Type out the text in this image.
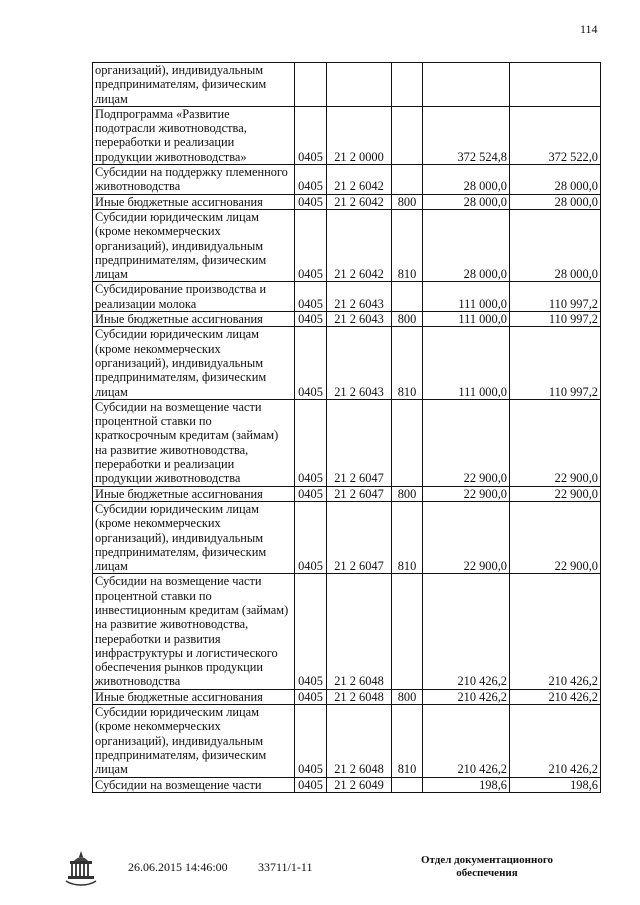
114
организаций), индивидуальным предпринимателям, физическим лицам					
Подпрограмма «Развитие подотрасли животноводства, переработки и реализации продукции животноводства»	0405	21 2 0000		372 524,8	372 522,0
Субсидии на поддержку племенного животноводства	0405	21 2 6042		28 000,0	28 000,0
Иные бюджетные ассигнования	0405	21 2 6042	800	28 000,0	28 000,0
Субсидии юридическим лицам (кроме некоммерческих организаций), индивидуальным предпринимателям, физическим лицам	0405	21 2 6042	810	28 000,0	28 000,0
Субсидирование производства и реализации молока	0405	21 2 6043		111 000,0	110 997,2
Иные бюджетные ассигнования	0405	21 2 6043	800	111 000,0	110 997,2
Субсидии юридическим лицам (кроме некоммерческих организаций), индивидуальным предпринимателям, физическим лицам	0405	21 2 6043	810	111 000,0	110 997,2
Субсидии на возмещение части процентной ставки по краткосрочным кредитам (займам) на развитие животноводства, переработки и реализации продукции животноводства	0405	21 2 6047		22 900,0	22 900,0
Иные бюджетные ассигнования	0405	21 2 6047	800	22 900,0	22 900,0
Субсидии юридическим лицам (кроме некоммерческих организаций), индивидуальным предпринимателям, физическим лицам	0405	21 2 6047	810	22 900,0	22 900,0
Субсидии на возмещение части процентной ставки по инвестиционным кредитам (займам) на развитие животноводства, переработки и развития инфраструктуры и логистического обеспечения рынков продукции животноводства	0405	21 2 6048		210 426,2	210 426,2
Иные бюджетные ассигнования	0405	21 2 6048	800	210 426,2	210 426,2
Субсидии юридическим лицам (кроме некоммерческих организаций), индивидуальным предпринимателям, физическим лицам	0405	21 2 6048	810	210 426,2	210 426,2
Субсидии на возмещение части	0405	21 2 6049		198,6	198,6
26.06.2015 14:46:00	33711/1-11	Отдел документационного обеспечения
